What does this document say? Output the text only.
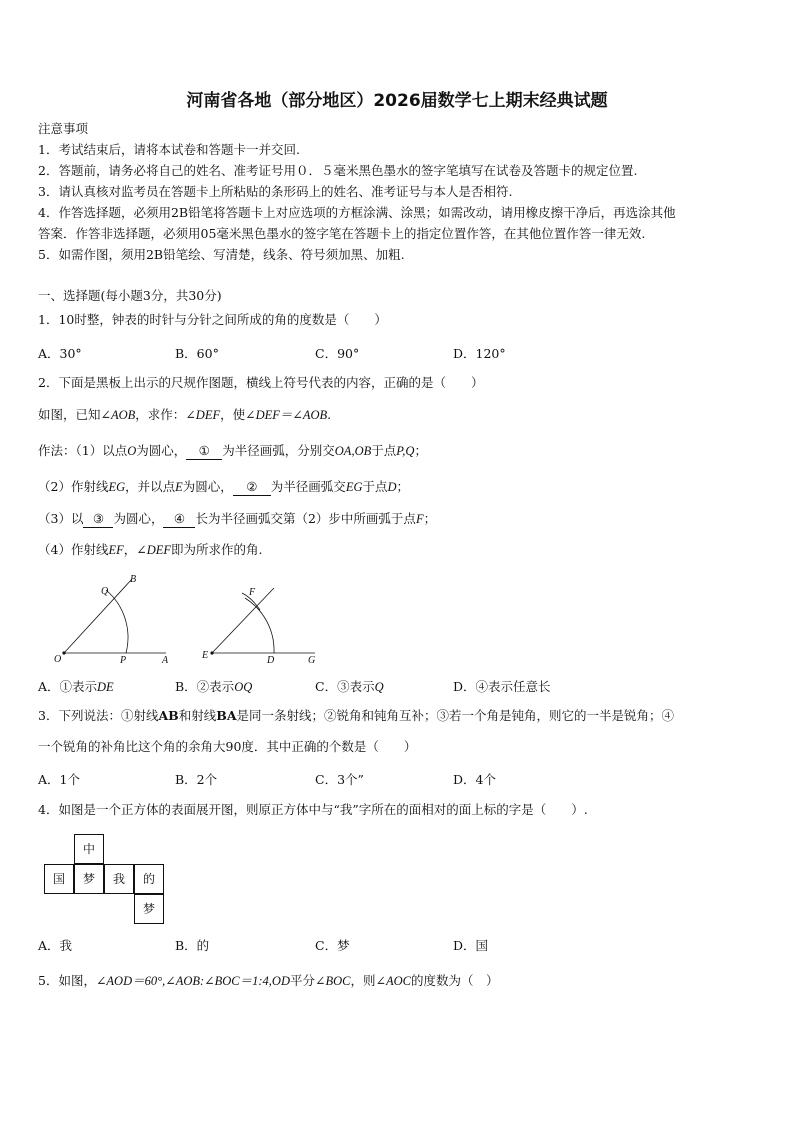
河南省各地（部分地区）2026届数学七上期末经典试题
注意事项
1．考试结束后，请将本试卷和答题卡一并交回.
2．答题前，请务必将自己的姓名、准考证号用０．５毫米黑色墨水的签字笔填写在试卷及答题卡的规定位置.
3．请认真核对监考员在答题卡上所粘贴的条形码上的姓名、准考证号与本人是否相符.
4．作答选择题，必须用2B铅笔将答题卡上对应选项的方框涂满、涂黑；如需改动，请用橡皮擦干净后，再选涂其他
答案．作答非选择题，必须用05毫米黑色墨水的签字笔在答题卡上的指定位置作答，在其他位置作答一律无效.
5．如需作图，须用2B铅笔绘、写清楚，线条、符号须加黑、加粗.
一、选择题(每小题3分，共30分)
1．10时整，钟表的时针与分针之间所成的角的度数是（　　）
A．30°	B．60°	C．90°	D．120°
2．下面是黑板上出示的尺规作图题，横线上符号代表的内容，正确的是（　　）
如图，已知∠AOB，求作：∠DEF，使∠DEF＝∠AOB.
作法：（1）以点O为圆心， ① 为半径画弧，分别交OA,OB于点P,Q；
（2）作射线EG，并以点E为圆心， ② 为半径画弧交EG于点D；
（3）以 ③ 为圆心， ④ 长为半径画弧交第（2）步中所画弧于点F；
（4）作射线EF，∠DEF即为所求作的角.
O	P	A
B
Q
E	D	G
F
A．①表示DE	B．②表示OQ	C．③表示Q	D．④表示任意长
3．下列说法：①射线AB和射线BA是同一条射线；②锐角和钝角互补；③若一个角是钝角，则它的一半是锐角；④
一个锐角的补角比这个角的余角大90度．其中正确的个数是（　　）
A．1个	B．2个	C．3个”	D．4个
4．如图是一个正方体的表面展开图，则原正方体中与“我”字所在的面相对的面上标的字是（　　）.
中
国	梦	我	的
梦
A．我	B．的	C．梦	D．国
5．如图，∠AOD＝60°,∠AOB:∠BOC＝1:4,OD平分∠BOC，则∠AOC的度数为（　）
